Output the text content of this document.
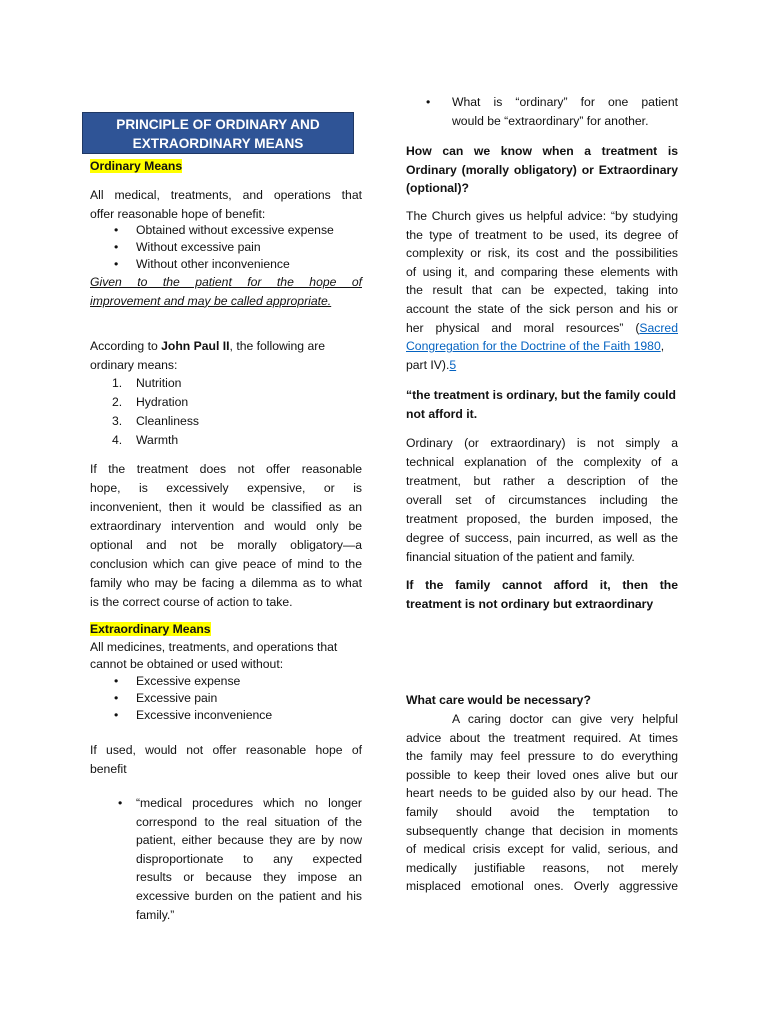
PRINCIPLE OF ORDINARY AND
EXTRAORDINARY MEANS

Ordinary Means

All medical, treatments, and operations that

offer reasonable hope of benefit:

• Obtained without excessive expense
• Without excessive pain
• Without other inconvenience

Given to the patient for the hope of

improvement and may be called appropriate.

According to John Paul II, the following are

ordinary means:

1. Nutrition
2. Hydration
3. Cleanliness
4. Warmth

If the treatment does not offer reasonable

hope, is excessively expensive, or is

inconvenient, then it would be classified as an

extraordinary intervention and would only be

optional and not be morally obligatory—a

conclusion which can give peace of mind to the

family who may be facing a dilemma as to what

is the correct course of action to take.

Extraordinary Means

All medicines, treatments, and operations that

cannot be obtained or used without:

• Excessive expense
• Excessive pain
• Excessive inconvenience

If used, would not offer reasonable hope of

benefit

• “medical procedures which no longer

correspond to the real situation of the

patient, either because they are by now

disproportionate to any expected

results or because they impose an

excessive burden on the patient and his

family.”

• What is “ordinary” for one patient

would be “extraordinary” for another.

How can we know when a treatment is

Ordinary (morally obligatory) or Extraordinary

(optional)?

The Church gives us helpful advice: “by studying

the type of treatment to be used, its degree of

complexity or risk, its cost and the possibilities

of using it, and comparing these elements with

the result that can be expected, taking into

account the state of the sick person and his or

her physical and moral resources” (Sacred

Congregation for the Doctrine of the Faith 1980,

part IV).5

“the treatment is ordinary, but the family could

not afford it.

Ordinary (or extraordinary) is not simply a

technical explanation of the complexity of a

treatment, but rather a description of the

overall set of circumstances including the

treatment proposed, the burden imposed, the

degree of success, pain incurred, as well as the

financial situation of the patient and family.

If the family cannot afford it, then the

treatment is not ordinary but extraordinary

What care would be necessary?

A caring doctor can give very helpful

advice about the treatment required. At times

the family may feel pressure to do everything

possible to keep their loved ones alive but our

heart needs to be guided also by our head. The

family should avoid the temptation to

subsequently change that decision in moments

of medical crisis except for valid, serious, and

medically justifiable reasons, not merely

misplaced emotional ones. Overly aggressive
